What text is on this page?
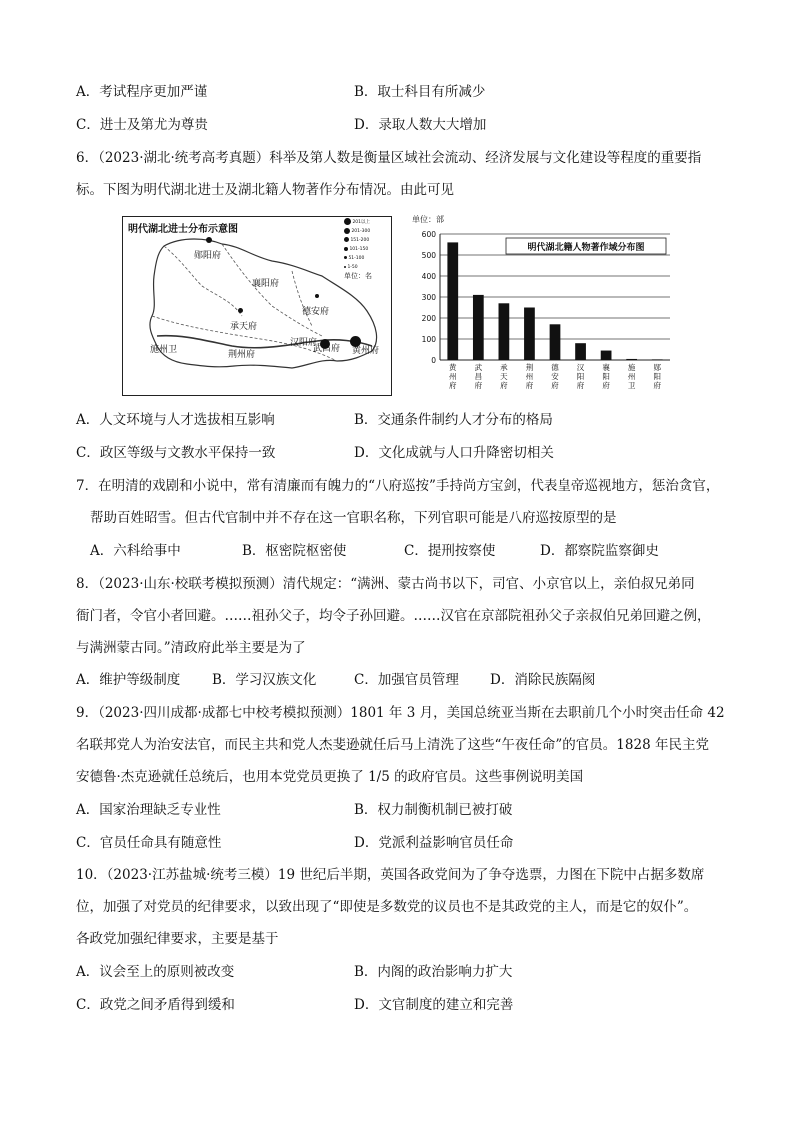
A．考试程序更加严谨	B．取士科目有所减少
C．进士及第尤为尊贵	D．录取人数大大增加
6．（2023·湖北·统考高考真题）科举及第人数是衡量区域社会流动、经济发展与文化建设等程度的重要指
标。下图为明代湖北进士及湖北籍人物著作分布情况。由此可见
明代湖北进士分布示意图
201以上
201-300
151-200
101-150
51-100
1-50
单位：名
郧阳府
襄阳府
德安府
承天府
施州卫	荆州府
汉阳府
武昌府 黄州府
单位：部
0
100
200
300
400
500
600
明代湖北籍人物著作域分布图
黄州府
武昌府
承天府
荆州府
德安府
汉阳府
襄阳府
施州卫
郧阳府
A．人文环境与人才选拔相互影响	B．交通条件制约人才分布的格局
C．政区等级与文教水平保持一致	D．文化成就与人口升降密切相关
7．在明清的戏剧和小说中，常有清廉而有魄力的“八府巡按”手持尚方宝剑，代表皇帝巡视地方，惩治贪官，
帮助百姓昭雪。但古代官制中并不存在这一官职名称，下列官职可能是八府巡按原型的是
A．六科给事中	B．枢密院枢密使	C．提刑按察使	D．都察院监察御史
8．（2023·山东·校联考模拟预测）清代规定：“满洲、蒙古尚书以下，司官、小京官以上，亲伯叔兄弟同
衙门者，令官小者回避。……祖孙父子，均令子孙回避。……汉官在京部院祖孙父子亲叔伯兄弟回避之例，
与满洲蒙古同。”清政府此举主要是为了
A．维护等级制度 B．学习汉族文化	C．加强官员管理 D．消除民族隔阂
9．（2023·四川成都·成都七中校考模拟预测）1801 年 3 月，美国总统亚当斯在去职前几个小时突击任命 42
名联邦党人为治安法官，而民主共和党人杰斐逊就任后马上清洗了这些“午夜任命”的官员。1828 年民主党
安德鲁·杰克逊就任总统后，也用本党党员更换了 1/5 的政府官员。这些事例说明美国
A．国家治理缺乏专业性	B．权力制衡机制已被打破
C．官员任命具有随意性	D．党派利益影响官员任命
10．（2023·江苏盐城·统考三模）19 世纪后半期，英国各政党间为了争夺选票，力图在下院中占据多数席
位，加强了对党员的纪律要求，以致出现了“即使是多数党的议员也不是其政党的主人，而是它的奴仆”。
各政党加强纪律要求，主要是基于
A．议会至上的原则被改变	B．内阁的政治影响力扩大
C．政党之间矛盾得到缓和	D．文官制度的建立和完善
